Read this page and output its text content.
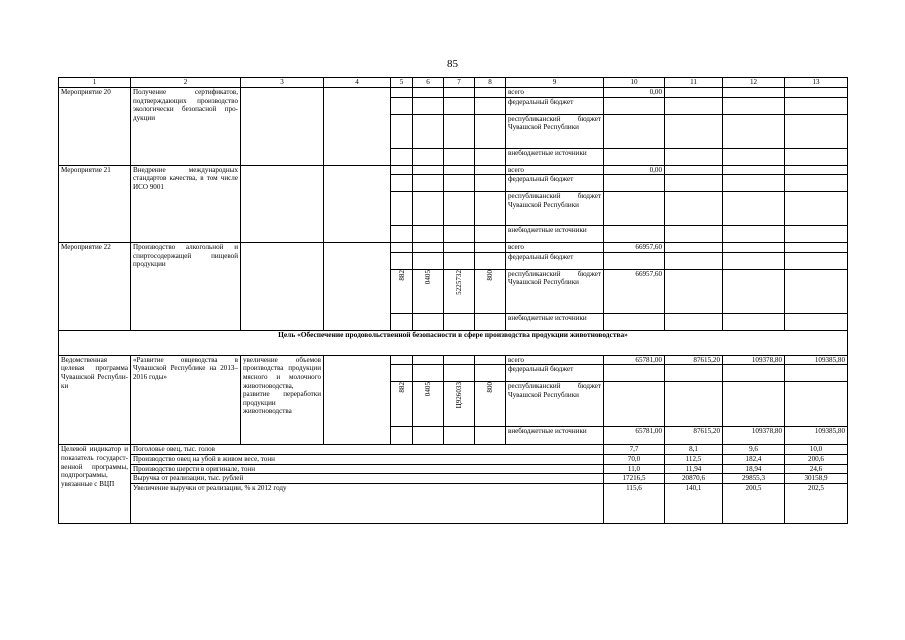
85
1	2	3	4	5	6	7	8	9	10	11	12	13
Мероприятие 20	Получение сертификатов, подтверждающих производство экологически безопасной продукции							всего	0,00			
								федеральный бюджет				
								республиканский бюджет Чувашской Республики				
								внебюджетные источники				
Мероприятие 21	Внедрение международных стандартов качества, в том числе ИСО 9001							всего	0,00			
								федеральный бюджет				
								республиканский бюджет Чувашской Республики				
								внебюджетные источники				
Мероприятие 22	Производство алкогольной и спиртосодержащей пищевой продукции							всего	66957,60			
								федеральный бюджет				

				882	0405	5225732	800	республиканский бюджет Чувашской Республики	66957,60			
								внебюджетные источники				
Цель «Обеспечение продовольственной безопасности в сфере производства продукции животноводства»												
Ведомственная целевая программа Чувашской Республики	«Развитие овцеводства в Чувашской Республике на 2013–2016 годы»	увеличение объемов производства продукции мясного и молочного животноводства, развитие переработки продукции животноводства						всего	65781,00	87615,20	109378,80	109385,80
								федеральный бюджет				

				882	0405	Ц926033	800	республиканский бюджет Чувашской Республики				
								внебюджетные источники	65781,00	87615,20	109378,80	109385,80
Целевой индикатор и показатель государственной программы, подпрограммы, увязанные с ВЦП	Поголовье овец, тыс. голов								7,7	8,1	9,6	10,0
	Производство овец на убой в живом весе, тонн								70,0	112,5	182,4	200,6
	Производство шерсти в оригинале, тонн								11,0	11,94	18,94	24,6
	Выручка от реализации, тыс. рублей								17216,5	20870,6	29855,3	30158,9
	Увеличение выручки от реализации, % к 2012 году								115,6	140,1	200,5	202,5
